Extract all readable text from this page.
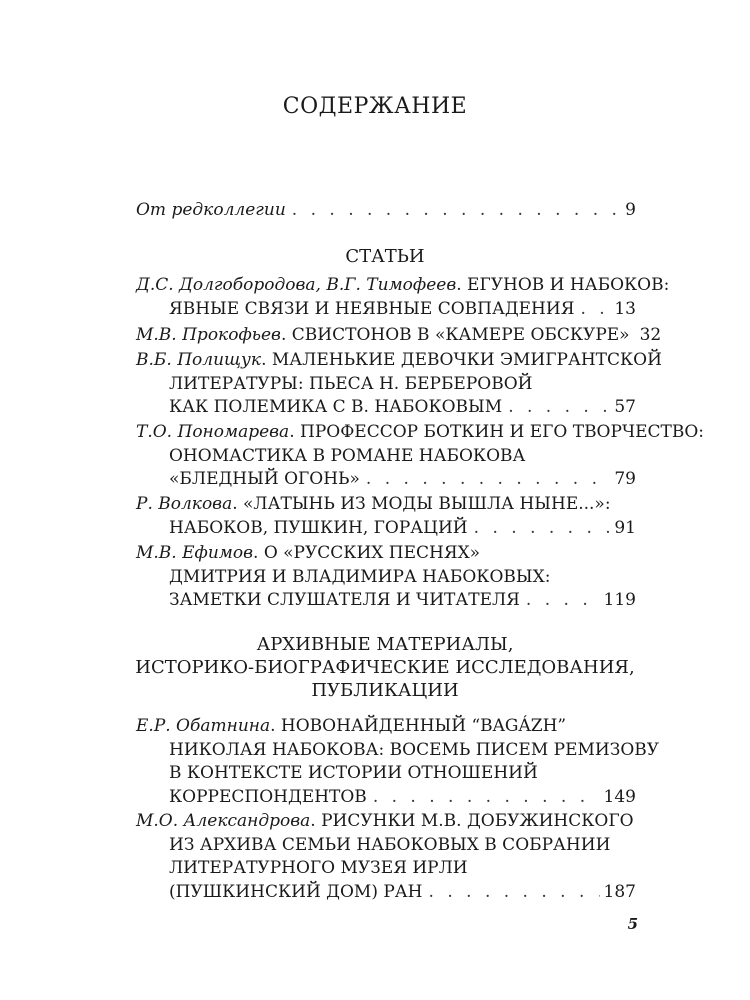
СОДЕРЖАНИЕ
От редколлегии . . .	9
СТАТЬИ
Д.С. Долгобородова, В.Г. Тимофеев. ЕГУНОВ И НАБОКОВ:
ЯВНЫЕ СВЯЗИ И НЕЯВНЫЕ СОВПАДЕНИЯ . . . 13
М.В. Прокофьев. СВИСТОНОВ В «КАМЕРЕ ОБСКУРЕ» 32
В.Б. Полищук. МАЛЕНЬКИЕ ДЕВОЧКИ ЭМИГРАНТСКОЙ
ЛИТЕРАТУРЫ: ПЬЕСА Н. БЕРБЕРОВОЙ
КАК ПОЛЕМИКА С В. НАБОКОВЫМ . . .	57
Т.О. Пономарева. ПРОФЕССОР БОТКИН И ЕГО ТВОРЧЕСТВО:
ОНОМАСТИКА В РОМАНЕ НАБОКОВА
«БЛЕДНЫЙ ОГОНЬ» . . .	79
Р. Волкова. «ЛАТЫНЬ ИЗ МОДЫ ВЫШЛА НЫНЕ...»:
НАБОКОВ, ПУШКИН, ГОРАЦИЙ . . .	91
М.В. Ефимов. О «РУССКИХ ПЕСНЯХ»
ДМИТРИЯ И ВЛАДИМИРА НАБОКОВЫХ:
ЗАМЕТКИ СЛУШАТЕЛЯ И ЧИТАТЕЛЯ . . .	119
АРХИВНЫЕ МАТЕРИАЛЫ,
ИСТОРИКО-БИОГРАФИЧЕСКИЕ ИССЛЕДОВАНИЯ,
ПУБЛИКАЦИИ
Е.Р. Обатнина. НОВОНАЙДЕННЫЙ “BAGÁZH”
НИКОЛАЯ НАБОКОВА: ВОСЕМЬ ПИСЕМ РЕМИЗОВУ
В КОНТЕКСТЕ ИСТОРИИ ОТНОШЕНИЙ
КОРРЕСПОНДЕНТОВ . . .	149
М.О. Александрова. РИСУНКИ М.В. ДОБУЖИНСКОГО
ИЗ АРХИВА СЕМЬИ НАБОКОВЫХ В СОБРАНИИ
ЛИТЕРАТУРНОГО МУЗЕЯ ИРЛИ
(ПУШКИНСКИЙ ДОМ) РАН . . .	187
5
